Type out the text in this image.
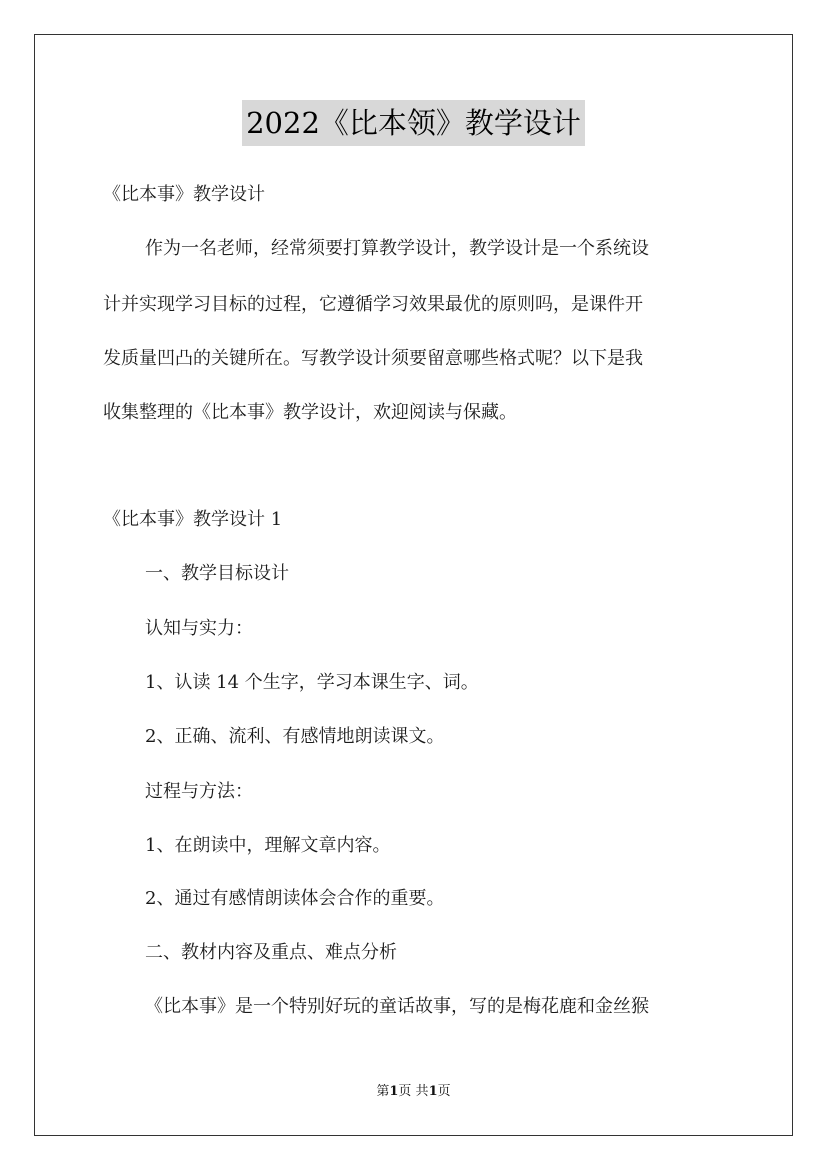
2022《比本领》教学设计
《比本事》教学设计
作为一名老师，经常须要打算教学设计，教学设计是一个系统设
计并实现学习目标的过程，它遵循学习效果最优的原则吗，是课件开
发质量凹凸的关键所在。写教学设计须要留意哪些格式呢？以下是我
收集整理的《比本事》教学设计，欢迎阅读与保藏。
《比本事》教学设计 1
一、教学目标设计
认知与实力：
1、认读 14 个生字，学习本课生字、词。
2、正确、流利、有感情地朗读课文。
过程与方法：
1、在朗读中，理解文章内容。
2、通过有感情朗读体会合作的重要。
二、教材内容及重点、难点分析
《比本事》是一个特别好玩的童话故事，写的是梅花鹿和金丝猴
第1页 共1页
